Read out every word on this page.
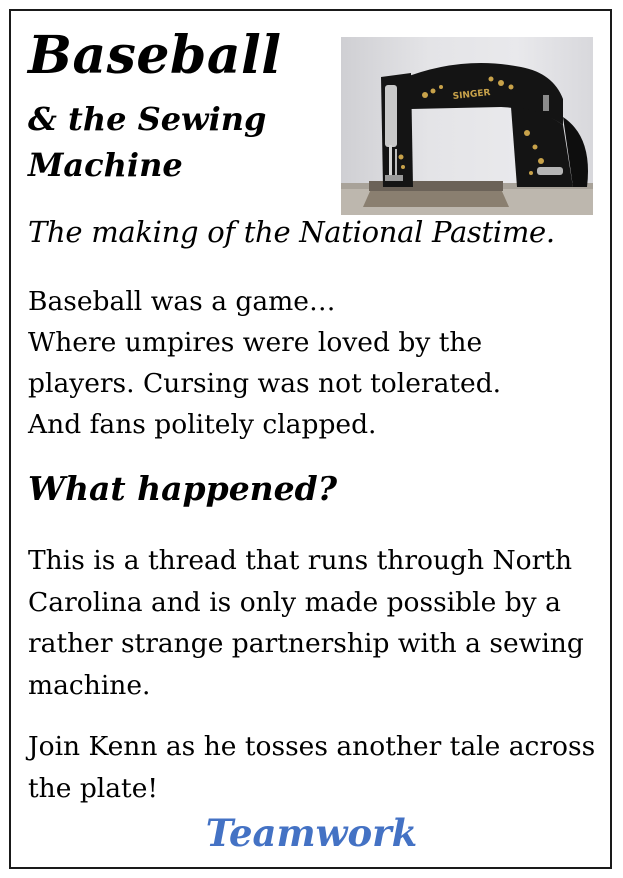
Baseball
& the Sewing Machine
SINGER

The making of the National Pastime.

Baseball was a game…
Where umpires were loved by the
players. Cursing was not tolerated.
And fans politely clapped.

What happened?

This is a thread that runs through North
Carolina and is only made possible by a
rather strange partnership with a sewing
machine.

Join Kenn as he tosses another tale across
the plate!

Teamwork
